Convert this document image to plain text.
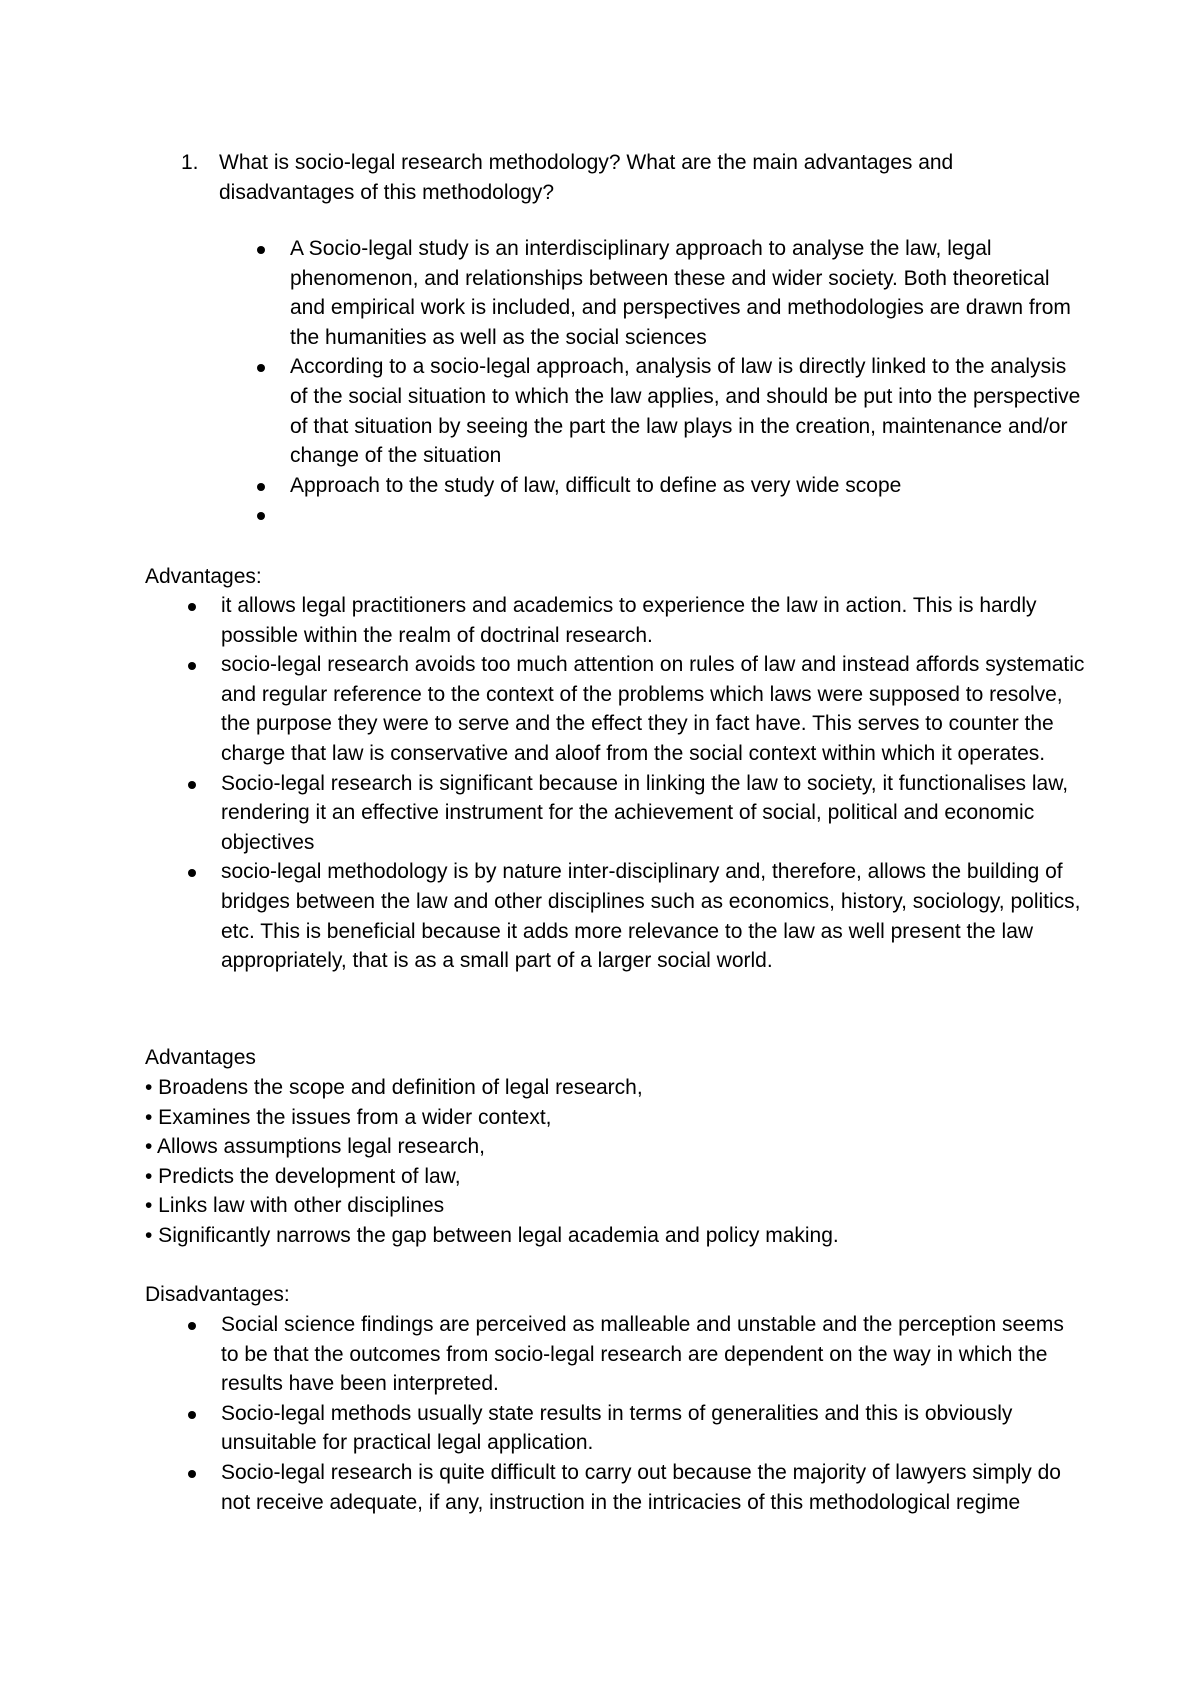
1. What is socio-legal research methodology? What are the main advantages and disadvantages of this methodology?
A Socio-legal study is an interdisciplinary approach to analyse the law, legal phenomenon, and relationships between these and wider society. Both theoretical and empirical work is included, and perspectives and methodologies are drawn from the humanities as well as the social sciences
According to a socio-legal approach, analysis of law is directly linked to the analysis of the social situation to which the law applies, and should be put into the perspective of that situation by seeing the part the law plays in the creation, maintenance and/or change of the situation
Approach to the study of law, difficult to define as very wide scope
Advantages:
it allows legal practitioners and academics to experience the law in action. This is hardly possible within the realm of doctrinal research.
socio-legal research avoids too much attention on rules of law and instead affords systematic and regular reference to the context of the problems which laws were supposed to resolve, the purpose they were to serve and the effect they in fact have. This serves to counter the charge that law is conservative and aloof from the social context within which it operates.
Socio-legal research is significant because in linking the law to society, it functionalises law, rendering it an effective instrument for the achievement of social, political and economic objectives
socio-legal methodology is by nature inter-disciplinary and, therefore, allows the building of bridges between the law and other disciplines such as economics, history, sociology, politics, etc. This is beneficial because it adds more relevance to the law as well present the law appropriately, that is as a small part of a larger social world.
Advantages
• Broadens the scope and definition of legal research,
• Examines the issues from a wider context,
• Allows assumptions legal research,
• Predicts the development of law,
• Links law with other disciplines
• Significantly narrows the gap between legal academia and policy making.
Disadvantages:
Social science findings are perceived as malleable and unstable and the perception seems to be that the outcomes from socio-legal research are dependent on the way in which the results have been interpreted.
Socio-legal methods usually state results in terms of generalities and this is obviously unsuitable for practical legal application.
Socio-legal research is quite difficult to carry out because the majority of lawyers simply do not receive adequate, if any, instruction in the intricacies of this methodological regime
